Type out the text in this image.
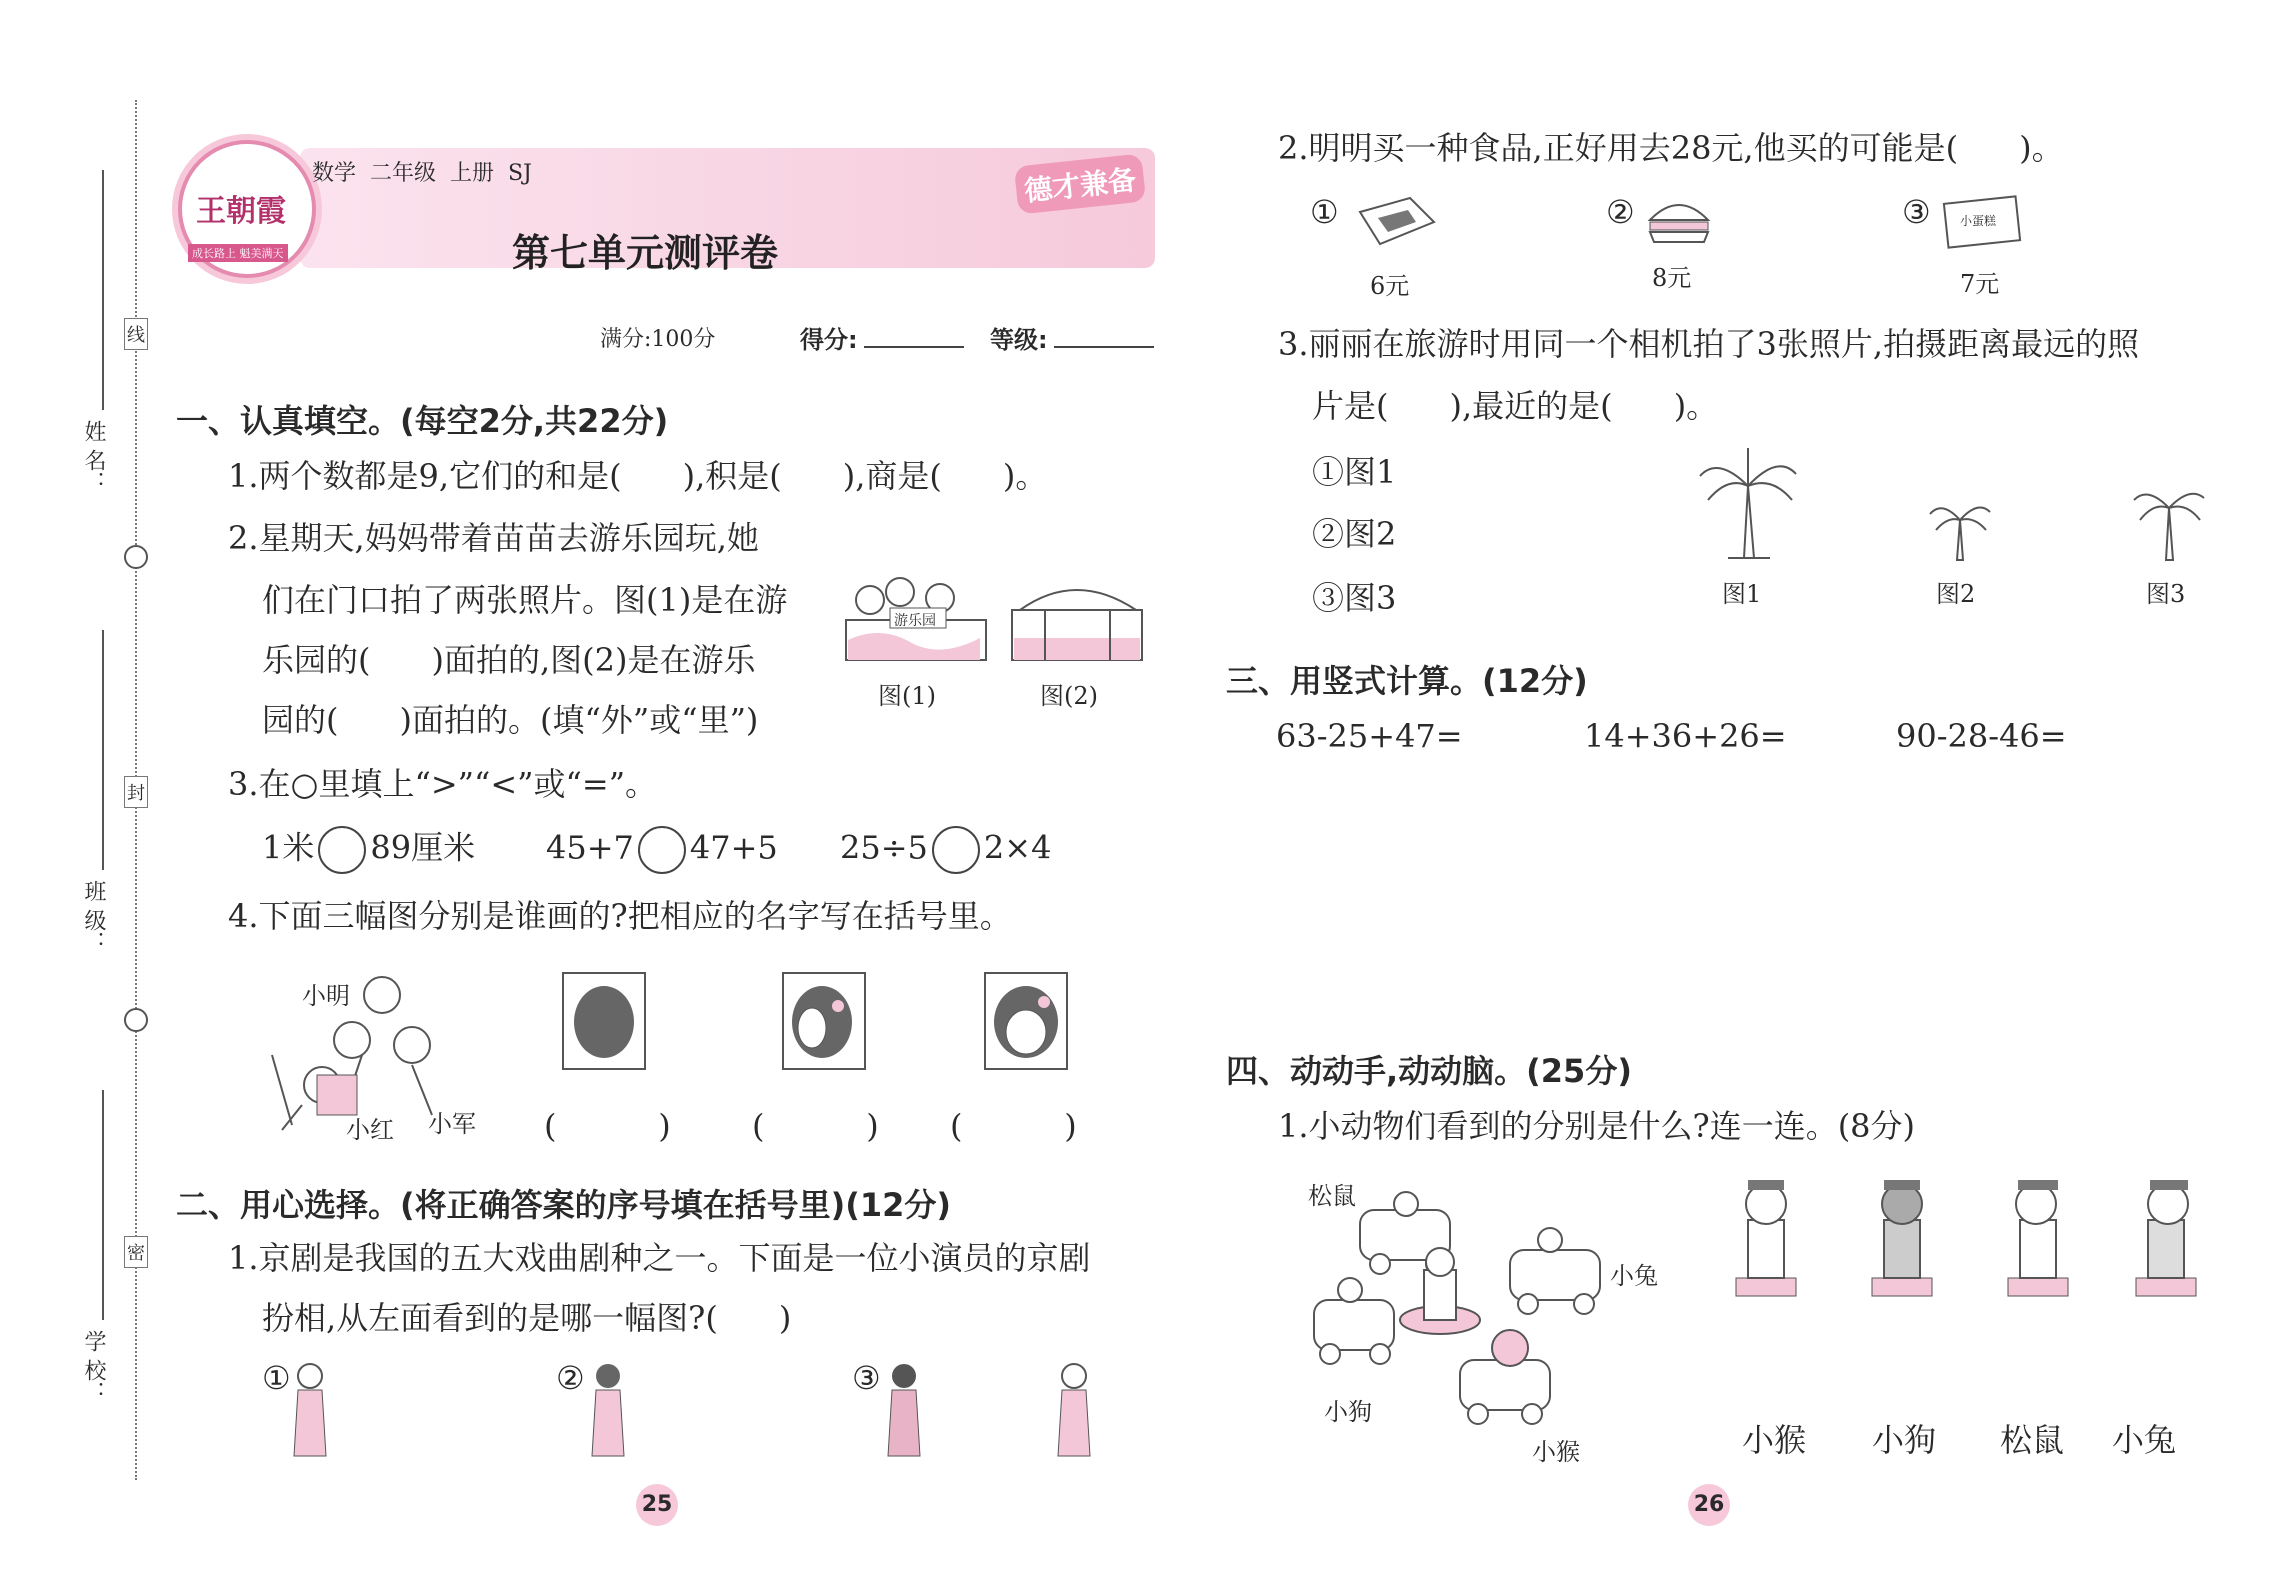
姓 名：
班 级：
学 校：
线
封
密
王朝霞
成长路上 魁美满天
数学  二年级  上册  SJ	德才兼备
第七单元测评卷
满分:100分	得分:	等级:
一、认真填空。(每空2分,共22分)
1.两个数都是9,它们的和是(      ),积是(      ),商是(      )。
2.星期天,妈妈带着苗苗去游乐园玩,她
们在门口拍了两张照片。图(1)是在游
乐园的(      )面拍的,图(2)是在游乐
园的(      )面拍的。(填“外”或“里”)
游乐园
图(1)	图(2)
3.在○里填上“>”“<”或“=”。
1米 89厘米 45+7 47+5 25÷5 2×4
4.下面三幅图分别是谁画的?把相应的名字写在括号里。
小明
小红 小军 (          )	(          ) (          )
二、用心选择。(将正确答案的序号填在括号里)(12分)
1.京剧是我国的五大戏曲剧种之一。下面是一位小演员的京剧
扮相,从左面看到的是哪一幅图?(      )
①	②	③
25
2.明明买一种食品,正好用去28元,他买的可能是(      )。
①
6元
②
8元
③ 小蛋糕
7元
3.丽丽在旅游时用同一个相机拍了3张照片,拍摄距离最远的照
片是(      ),最近的是(      )。
①图1
②图2
③图3	图1	图2	图3
三、用竖式计算。(12分)
63-25+47=	14+36+26=	90-28-46=
四、动动手,动动脑。(25分)
1.小动物们看到的分别是什么?连一连。(8分)
松鼠
小兔
小狗
小猴	小猴 小狗 松鼠 小兔
26
